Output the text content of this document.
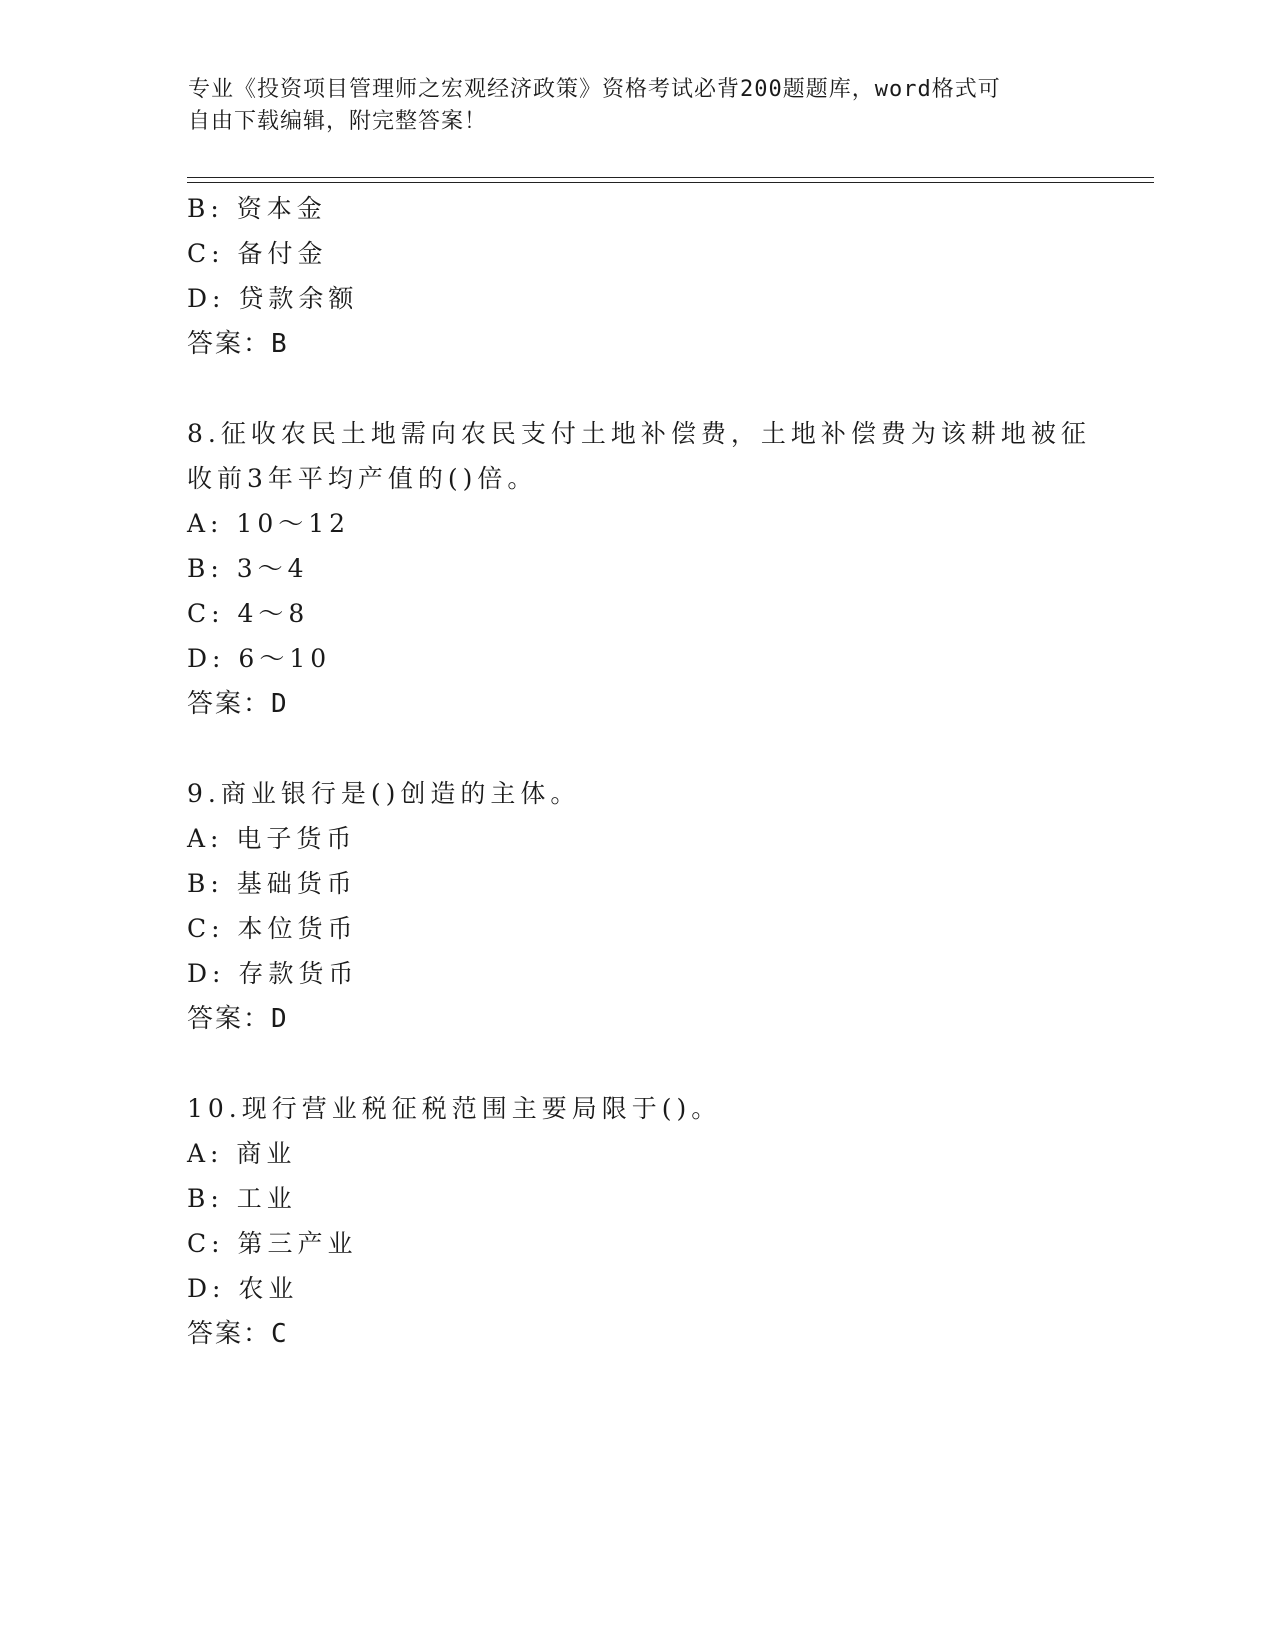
专业《投资项目管理师之宏观经济政策》资格考试必背200题题库，word格式可
自由下载编辑，附完整答案！
B: 资本金
C: 备付金
D: 贷款余额
答案：B
8.征收农民土地需向农民支付土地补偿费，土地补偿费为该耕地被征
收前3年平均产值的()倍。
A: 10～12
B: 3～4
C: 4～8
D: 6～10
答案：D
9.商业银行是()创造的主体。
A: 电子货币
B: 基础货币
C: 本位货币
D: 存款货币
答案：D
10.现行营业税征税范围主要局限于()。
A: 商业
B: 工业
C: 第三产业
D: 农业
答案：C
